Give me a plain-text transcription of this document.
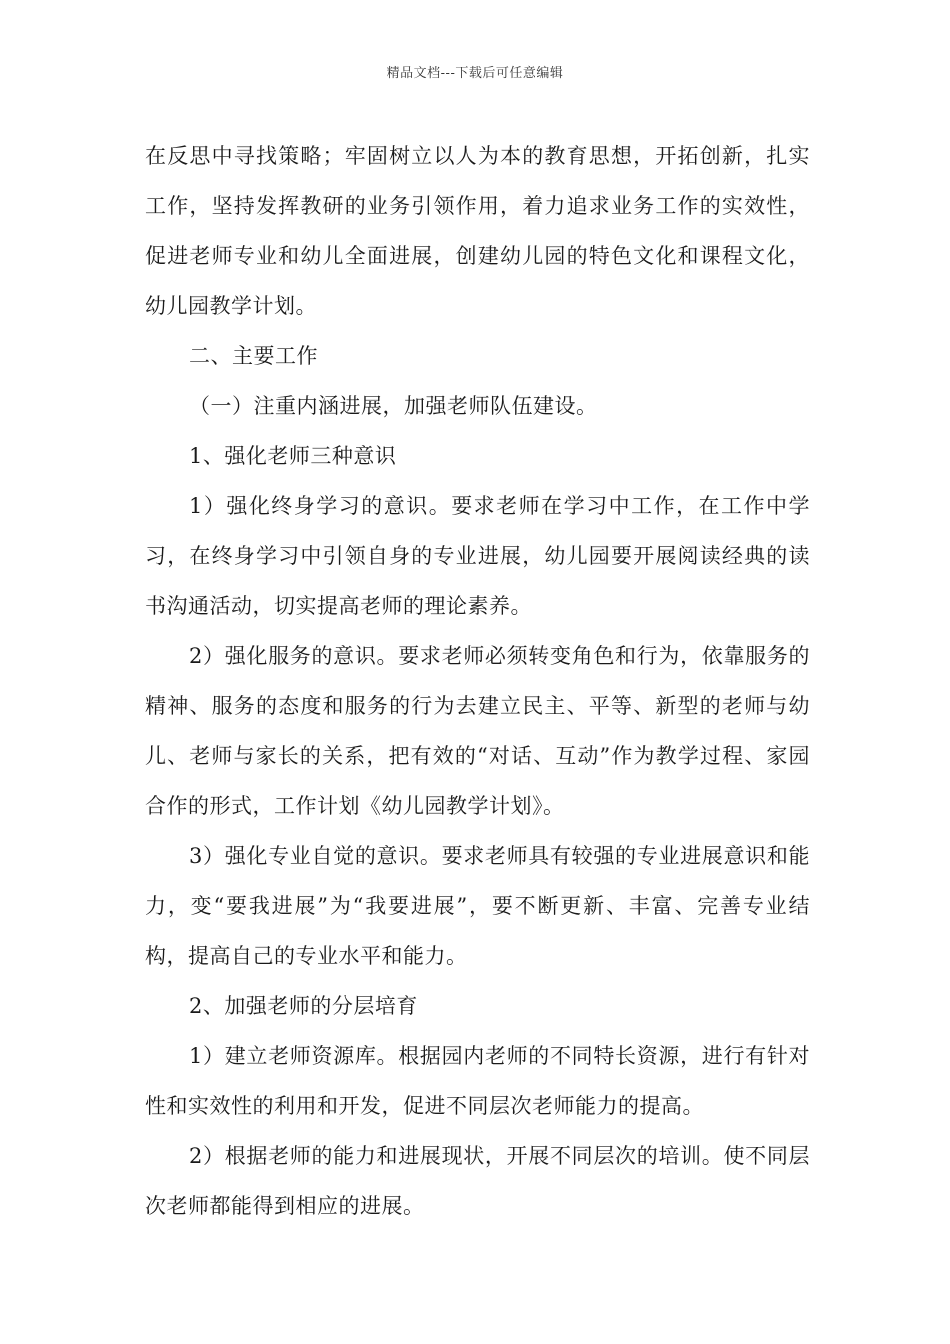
精品文档---下载后可任意编辑

在反思中寻找策略；牢固树立以人为本的教育思想，开拓创新，扎实工作，坚持发挥教研的业务引领作用，着力追求业务工作的实效性，促进老师专业和幼儿全面进展，创建幼儿园的特色文化和课程文化，幼儿园教学计划。

二、主要工作

（一）注重内涵进展，加强老师队伍建设。

1、强化老师三种意识

1）强化终身学习的意识。要求老师在学习中工作，在工作中学习，在终身学习中引领自身的专业进展，幼儿园要开展阅读经典的读书沟通活动，切实提高老师的理论素养。

2）强化服务的意识。要求老师必须转变角色和行为，依靠服务的精神、服务的态度和服务的行为去建立民主、平等、新型的老师与幼儿、老师与家长的关系，把有效的“对话、互动”作为教学过程、家园合作的形式，工作计划《幼儿园教学计划》。

3）强化专业自觉的意识。要求老师具有较强的专业进展意识和能力，变“要我进展”为“我要进展”，要不断更新、丰富、完善专业结构，提高自己的专业水平和能力。

2、加强老师的分层培育

1）建立老师资源库。根据园内老师的不同特长资源，进行有针对性和实效性的利用和开发，促进不同层次老师能力的提高。

2）根据老师的能力和进展现状，开展不同层次的培训。使不同层次老师都能得到相应的进展。
